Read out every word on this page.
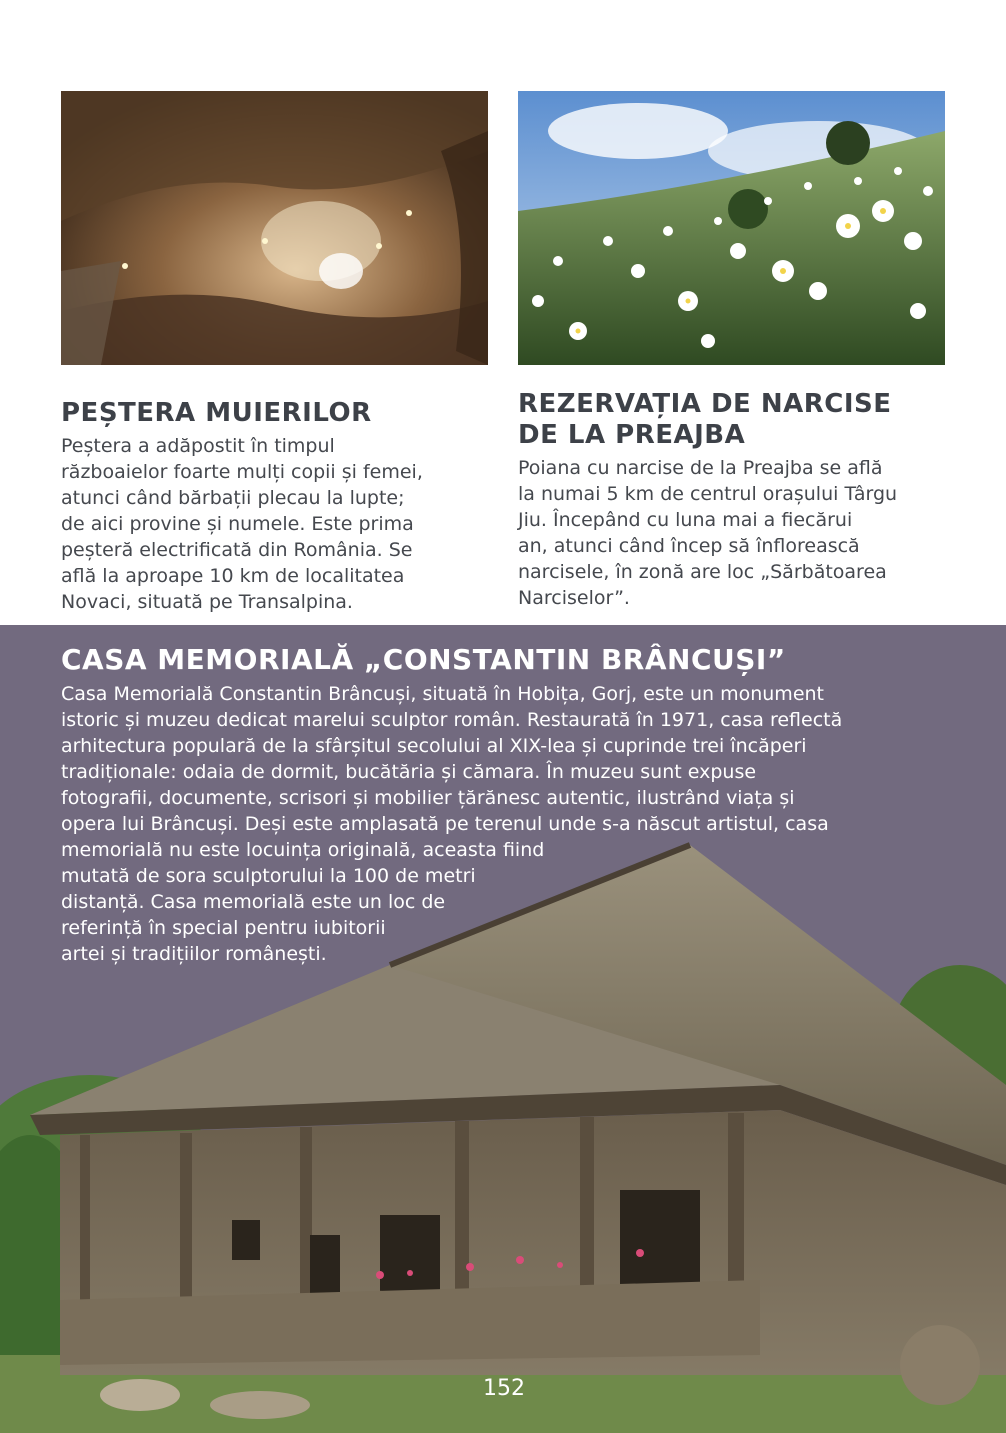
PEȘTERA MUIERILOR

Peștera a adăpostit în timpul

războaielor foarte mulți copii și femei,

atunci când bărbații plecau la lupte;

de aici provine și numele. Este prima

peșteră electrificată din România. Se

află la aproape 10 km de localitatea

Novaci, situată pe Transalpina.

REZERVAȚIA DE NARCISE
DE LA PREAJBA

Poiana cu narcise de la Preajba se află

la numai 5 km de centrul orașului Târgu

Jiu. Începând cu luna mai a fiecărui

an, atunci când încep să înflorească

narcisele, în zonă are loc „Sărbătoarea

Narciselor”.

CASA MEMORIALĂ „CONSTANTIN BRÂNCUȘI”
Casa Memorială Constantin Brâncuși, situată în Hobița, Gorj, este un monument
istoric și muzeu dedicat marelui sculptor român. Restaurată în 1971, casa reflectă
arhitectura populară de la sfârșitul secolului al XIX-lea și cuprinde trei încăperi
tradiționale: odaia de dormit, bucătăria și cămara. În muzeu sunt expuse
fotografii, documente, scrisori și mobilier țărănesc autentic, ilustrând viața și
opera lui Brâncuși. Deși este amplasată pe terenul unde s-a născut artistul, casa
memorială nu este locuința originală, aceasta fiind
mutată de sora sculptorului la 100 de metri
distanță. Casa memorială este un loc de
referință în special pentru iubitorii
artei și tradițiilor românești.
152
